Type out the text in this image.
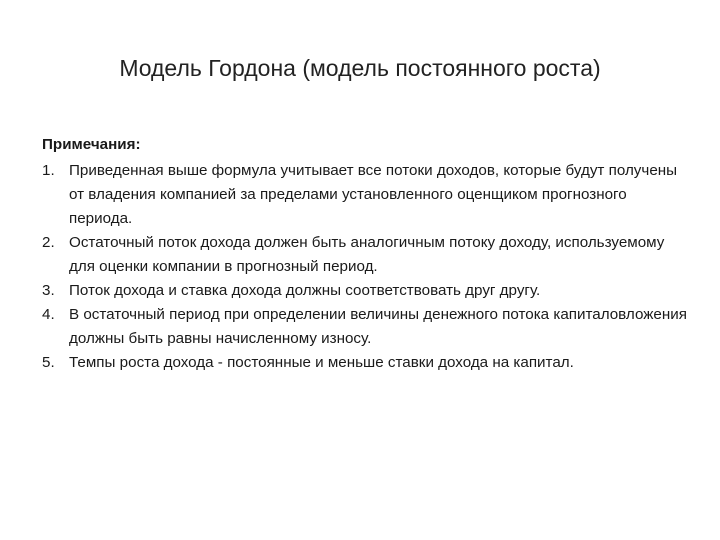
Модель Гордона (модель постоянного роста)
Примечания:
1. Приведенная выше формула учитывает все потоки доходов, которые будут получены от владения компанией за пределами установленного оценщиком прогнозного периода.
2. Остаточный поток дохода должен быть аналогичным потоку доходу, используемому для оценки компании в прогнозный период.
3. Поток дохода и ставка дохода должны соответствовать друг другу.
4. В остаточный период при определении величины денежного потока капиталовложения должны быть равны начисленному износу.
5. Темпы роста дохода - постоянные и меньше ставки дохода на капитал.
